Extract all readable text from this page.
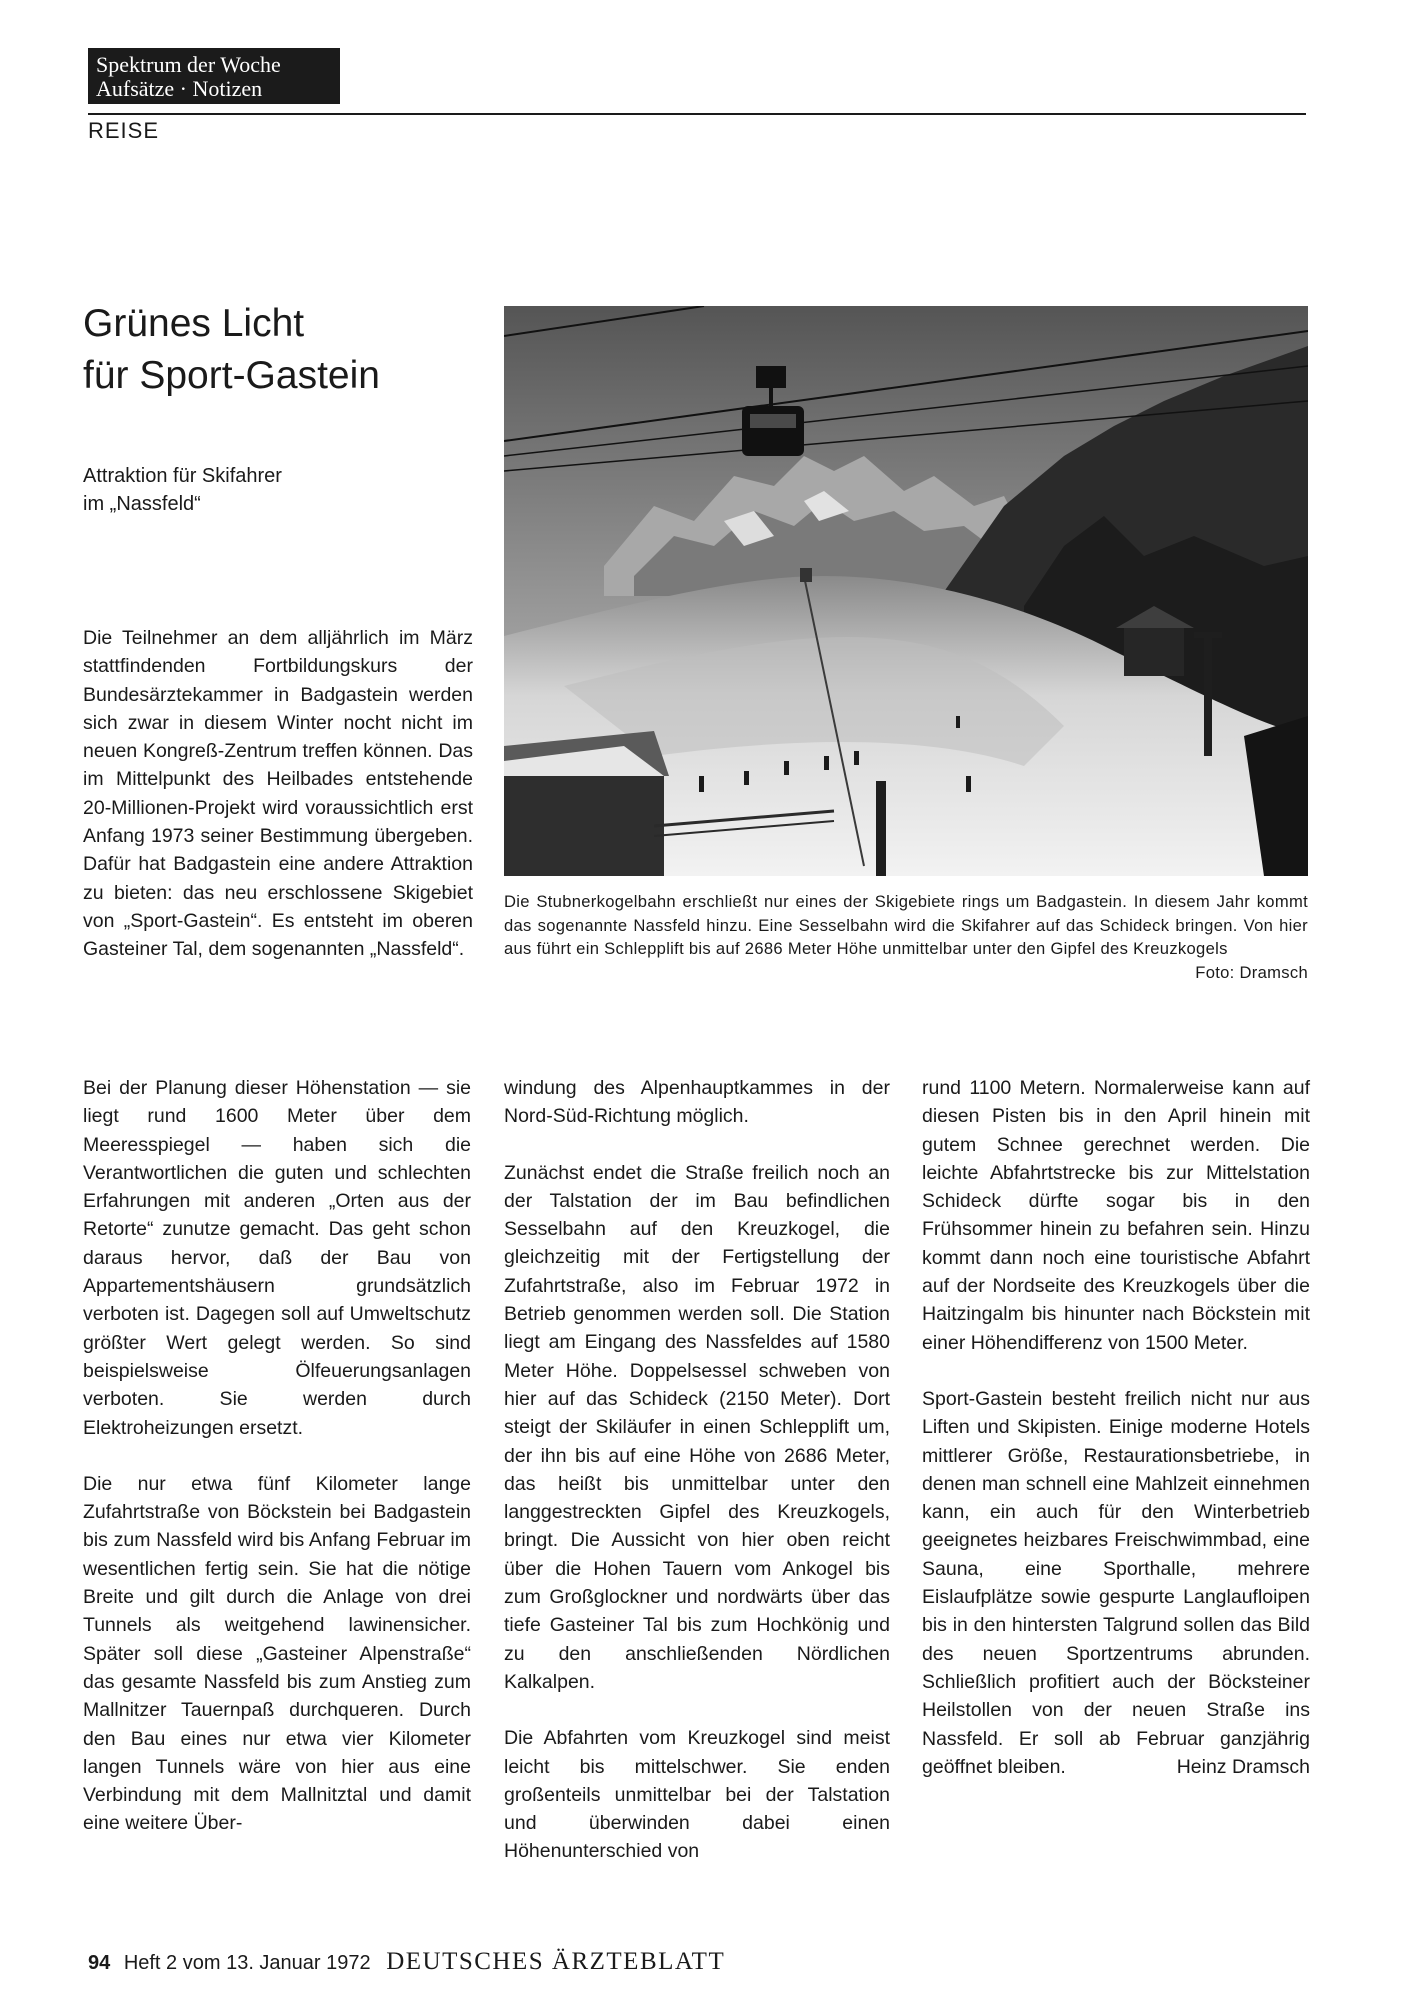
Spektrum der Woche
Aufsätze · Notizen
REISE
Grünes Licht
für Sport-Gastein
Attraktion für Skifahrer
im „Nassfeld“

Die Teilnehmer an dem alljährlich im März stattfindenden Fortbildungskurs der Bundesärztekammer in Badgastein werden sich zwar in diesem Winter nocht nicht im neuen Kongreß-Zentrum treffen können. Das im Mittelpunkt des Heilbades entstehende 20-Millionen-Projekt wird voraussichtlich erst Anfang 1973 seiner Bestimmung übergeben. Dafür hat Badgastein eine andere Attraktion zu bieten: das neu erschlossene Skigebiet von „Sport-Gastein“. Es entsteht im oberen Gasteiner Tal, dem sogenannten „Nassfeld“.

Die Stubnerkogelbahn erschließt nur eines der Skigebiete rings um Badgastein. In diesem Jahr kommt das sogenannte Nassfeld hinzu. Eine Sesselbahn wird die Skifahrer auf das Schideck bringen. Von hier aus führt ein Schlepplift bis auf 2686 Meter Höhe unmittelbar unter den Gipfel des Kreuzkogels
Foto: Dramsch

Bei der Planung dieser Höhenstation — sie liegt rund 1600 Meter über dem Meeresspiegel — haben sich die Verantwortlichen die guten und schlechten Erfahrungen mit anderen „Orten aus der Retorte“ zunutze gemacht. Das geht schon daraus hervor, daß der Bau von Appartementshäusern grundsätzlich verboten ist. Dagegen soll auf Umweltschutz größter Wert gelegt werden. So sind beispielsweise Ölfeuerungsanlagen verboten. Sie werden durch Elektroheizungen ersetzt.

Die nur etwa fünf Kilometer lange Zufahrtstraße von Böckstein bei Badgastein bis zum Nassfeld wird bis Anfang Februar im wesentlichen fertig sein. Sie hat die nötige Breite und gilt durch die Anlage von drei Tunnels als weitgehend lawinensicher. Später soll diese „Gasteiner Alpenstraße“ das gesamte Nassfeld bis zum Anstieg zum Mallnitzer Tauernpaß durchqueren. Durch den Bau eines nur etwa vier Kilometer langen Tunnels wäre von hier aus eine Verbindung mit dem Mallnitztal und damit eine weitere Über-

windung des Alpenhauptkammes in der Nord-Süd-Richtung möglich.

Zunächst endet die Straße freilich noch an der Talstation der im Bau befindlichen Sesselbahn auf den Kreuzkogel, die gleichzeitig mit der Fertigstellung der Zufahrtstraße, also im Februar 1972 in Betrieb genommen werden soll. Die Station liegt am Eingang des Nassfeldes auf 1580 Meter Höhe. Doppelsessel schweben von hier auf das Schideck (2150 Meter). Dort steigt der Skiläufer in einen Schlepplift um, der ihn bis auf eine Höhe von 2686 Meter, das heißt bis unmittelbar unter den langgestreckten Gipfel des Kreuzkogels, bringt. Die Aussicht von hier oben reicht über die Hohen Tauern vom Ankogel bis zum Großglockner und nordwärts über das tiefe Gasteiner Tal bis zum Hochkönig und zu den anschließenden Nördlichen Kalkalpen.

Die Abfahrten vom Kreuzkogel sind meist leicht bis mittelschwer. Sie enden großenteils unmittelbar bei der Talstation und überwinden dabei einen Höhenunterschied von

rund 1100 Metern. Normalerweise kann auf diesen Pisten bis in den April hinein mit gutem Schnee gerechnet werden. Die leichte Abfahrtstrecke bis zur Mittelstation Schideck dürfte sogar bis in den Frühsommer hinein zu befahren sein. Hinzu kommt dann noch eine touristische Abfahrt auf der Nordseite des Kreuzkogels über die Haitzingalm bis hinunter nach Böckstein mit einer Höhendifferenz von 1500 Meter.

Sport-Gastein besteht freilich nicht nur aus Liften und Skipisten. Einige moderne Hotels mittlerer Größe, Restaurationsbetriebe, in denen man schnell eine Mahlzeit einnehmen kann, ein auch für den Winterbetrieb geeignetes heizbares Freischwimmbad, eine Sauna, eine Sporthalle, mehrere Eislaufplätze sowie gespurte Langlaufloipen bis in den hintersten Talgrund sollen das Bild des neuen Sportzentrums abrunden. Schließlich profitiert auch der Böcksteiner Heilstollen von der neuen Straße ins Nassfeld. Er soll ab Februar ganzjährig geöffnet bleiben.	Heinz Dramsch

94 Heft 2 vom 13. Januar 1972 DEUTSCHES ÄRZTEBLATT
